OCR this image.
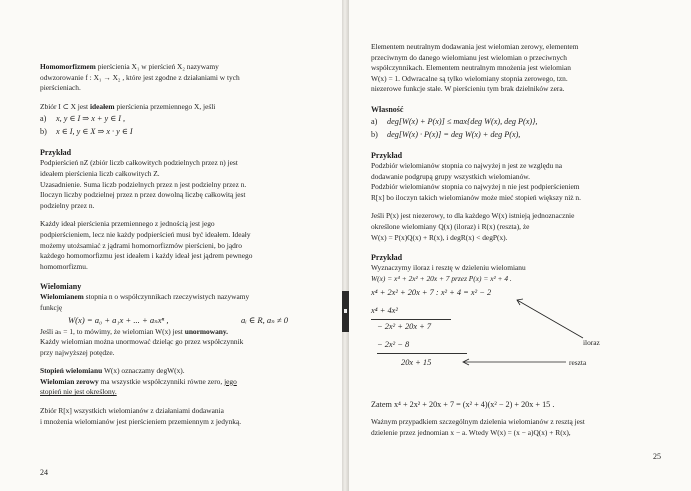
Homomorfizmem pierścienia X₁ w pierścień X₂ nazywamy

odwzorowanie f : X₁ → X₂ , które jest zgodne z działaniami w tych

pierścieniach.

Zbiór I ⊂ X jest ideałem pierścienia przemiennego X, jeśli

a) x, y ∈ I ⇒ x + y ∈ I ,
b) x ∈ I, y ∈ X ⇒ x · y ∈ I
Przykład

Podpierścień nZ (zbiór liczb całkowitych podzielnych przez n) jest

ideałem pierścienia liczb całkowitych Z.

Uzasadnienie. Suma liczb podzielnych przez n jest podzielny przez n.

Iloczyn liczby podzielnej przez n przez dowolną liczbę całkowitą jest

podzielny przez n.

Każdy ideał pierścienia przemiennego z jednością jest jego

podpierścieniem, lecz nie każdy podpierścień musi być ideałem. Ideały

możemy utożsamiać z jądrami homomorfizmów pierścieni, bo jądro

każdego homomorfizmu jest ideałem i każdy ideał jest jądrem pewnego

homomorfizmu.

Wielomiany

Wielomianem stopnia n o współczynnikach rzeczywistych nazywamy

funkcję

W(x) = a₀ + a₁x + ... + aₙxⁿ ,	aᵢ ∈ R, aₙ ≠ 0

Jeśli aₙ = 1, to mówimy, że wielomian W(x) jest unormowany.

Każdy wielomian można unormować dzieląc go przez współczynnik

przy najwyższej potędze.

Stopień wielomianu W(x) oznaczamy degW(x).

Wielomian zerowy ma wszystkie współczynniki równe zero, jego

stopień nie jest określony.

Zbiór R[x] wszystkich wielomianów z działaniami dodawania

i mnożenia wielomianów jest pierścieniem przemiennym z jedynką.

24

Elementem neutralnym dodawania jest wielomian zerowy, elementem

przeciwnym do danego wielomianu jest wielomian o przeciwnych

współczynnikach. Elementem neutralnym mnożenia jest wielomian

W(x) = 1. Odwracalne są tylko wielomiany stopnia zerowego, tzn.

niezerowe funkcje stałe. W pierścieniu tym brak dzielników zera.

Własność
a) deg[W(x) + P(x)] ≤ max{deg W(x), deg P(x)},
b) deg[W(x) · P(x)] = deg W(x) + deg P(x),
Przykład

Podzbiór wielomianów stopnia co najwyżej n jest ze względu na

dodawanie podgrupą grupy wszystkich wielomianów.

Podzbiór wielomianów stopnia co najwyżej n nie jest podpierścieniem

R[x] bo iloczyn takich wielomianów może mieć stopień większy niż n.

Jeśli P(x) jest niezerowy, to dla każdego W(x) istnieją jednoznacznie

określone wielomiany Q(x) (iloraz) i R(x) (reszta), że

W(x) = P(x)Q(x) + R(x), i degR(x) < degP(x).

Przykład

Wyznaczymy iloraz i resztę w dzieleniu wielomianu

W(x) = x⁴ + 2x² + 20x + 7 przez P(x) = x² + 4 .

x⁴ + 2x² + 20x + 7 : x² + 4 = x² − 2
x⁴ + 4x²
− 2x² + 20x + 7
− 2x² − 8
20x + 15
iloraz
reszta

Zatem x⁴ + 2x² + 20x + 7 = (x² + 4)(x² − 2) + 20x + 15 .

Ważnym przypadkiem szczególnym dzielenia wielomianów z resztą jest

dzielenie przez jednomian x − a. Wtedy W(x) = (x − a)Q(x) + R(x),

25
